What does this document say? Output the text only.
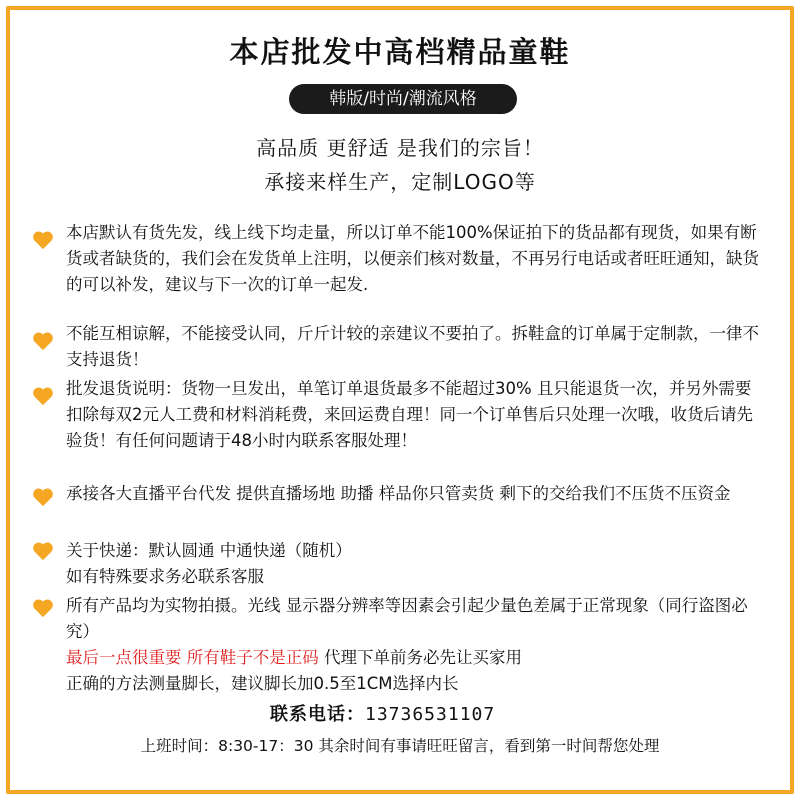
本店批发中高档精品童鞋
韩版/时尚/潮流风格
高品质 更舒适 是我们的宗旨！
承接来样生产，定制LOGO等
本店默认有货先发，线上线下均走量，所以订单不能100%保证拍下的货品都有现货，如果有断货或者缺货的，我们会在发货单上注明，以便亲们核对数量，不再另行电话或者旺旺通知，缺货的可以补发，建议与下一次的订单一起发.
不能互相谅解，不能接受认同，斤斤计较的亲建议不要拍了。拆鞋盒的订单属于定制款，一律不支持退货！
批发退货说明：货物一旦发出，单笔订单退货最多不能超过30% 且只能退货一次，并另外需要扣除每双2元人工费和材料消耗费，来回运费自理！同一个订单售后只处理一次哦，收货后请先验货！有任何问题请于48小时内联系客服处理！
承接各大直播平台代发 提供直播场地 助播 样品你只管卖货 剩下的交给我们不压货不压资金
关于快递：默认圆通 中通快递（随机）
如有特殊要求务必联系客服
所有产品均为实物拍摄。光线 显示器分辨率等因素会引起少量色差属于正常现象（同行盗图必究）
最后一点很重要 所有鞋子不是正码 代理下单前务必先让买家用
正确的方法测量脚长，建议脚长加0.5至1CM选择内长
联系电话：13736531107
上班时间：8:30-17：30 其余时间有事请旺旺留言，看到第一时间帮您处理
